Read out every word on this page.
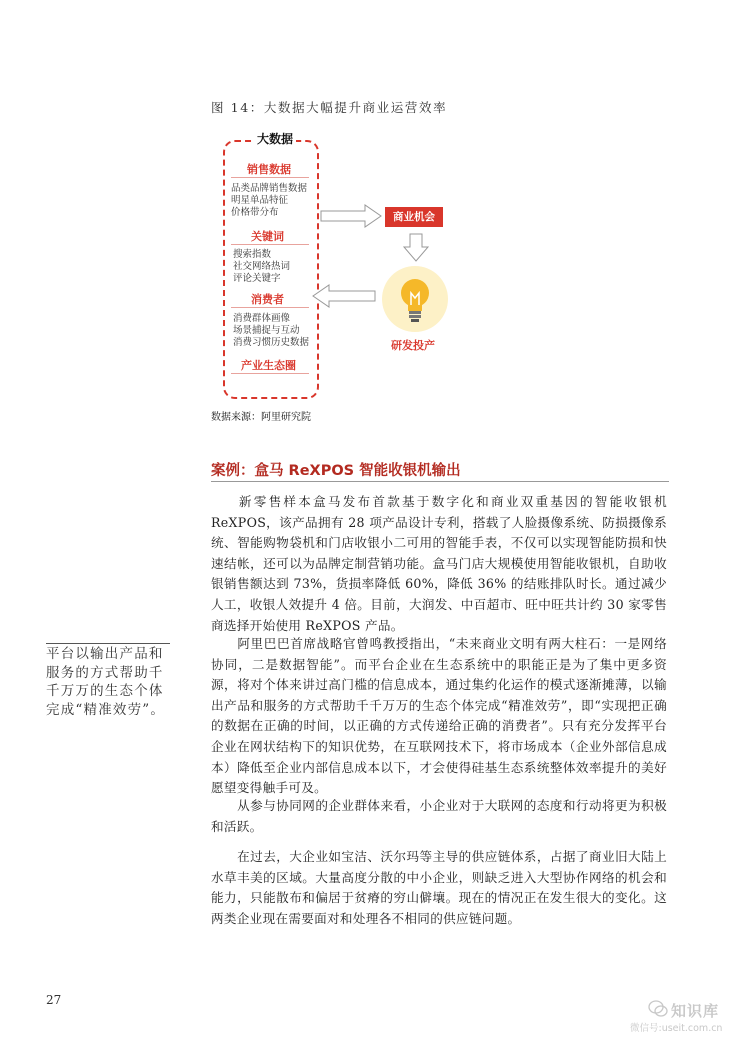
图 14：大数据大幅提升商业运营效率
大数据
销售数据
品类品牌销售数据
明星单品特征
价格带分布
关键词
搜索指数
社交网络热词
评论关键字
消费者
消费群体画像
场景捕捉与互动
消费习惯历史数据
产业生态圈
商业机会
研发投产
数据来源：阿里研究院
案例：盒马 ReXPOS 智能收银机输出
新零售样本盒马发布首款基于数字化和商业双重基因的智能收银机ReXPOS，该产品拥有 28 项产品设计专利，搭载了人脸摄像系统、防损摄像系统、智能购物袋机和门店收银小二可用的智能手表，不仅可以实现智能防损和快速结帐，还可以为品牌定制营销功能。盒马门店大规模使用智能收银机，自助收银销售额达到 73%，货损率降低 60%，降低 36% 的结账排队时长。通过减少人工，收银人效提升 4 倍。目前，大润发、中百超市、旺中旺共计约 30 家零售商选择开始使用 ReXPOS 产品。
阿里巴巴首席战略官曾鸣教授指出，“未来商业文明有两大柱石：一是网络协同，二是数据智能”。而平台企业在生态系统中的职能正是为了集中更多资源，将对个体来讲过高门槛的信息成本，通过集约化运作的模式逐渐摊薄，以输出产品和服务的方式帮助千千万万的生态个体完成“精准效劳”，即“实现把正确的数据在正确的时间，以正确的方式传递给正确的消费者”。只有充分发挥平台企业在网状结构下的知识优势，在互联网技术下，将市场成本（企业外部信息成本）降低至企业内部信息成本以下，才会使得硅基生态系统整体效率提升的美好愿望变得触手可及。
从参与协同网的企业群体来看，小企业对于大联网的态度和行动将更为积极和活跃。
在过去，大企业如宝洁、沃尔玛等主导的供应链体系，占据了商业旧大陆上水草丰美的区域。大量高度分散的中小企业，则缺乏进入大型协作网络的机会和能力，只能散布和偏居于贫瘠的穷山僻壤。现在的情况正在发生很大的变化。这两类企业现在需要面对和处理各不相同的供应链问题。
平台以输出产品和服务的方式帮助千千万万的生态个体完成“精准效劳”。
27
知识库
微信号:useit.com.cn
